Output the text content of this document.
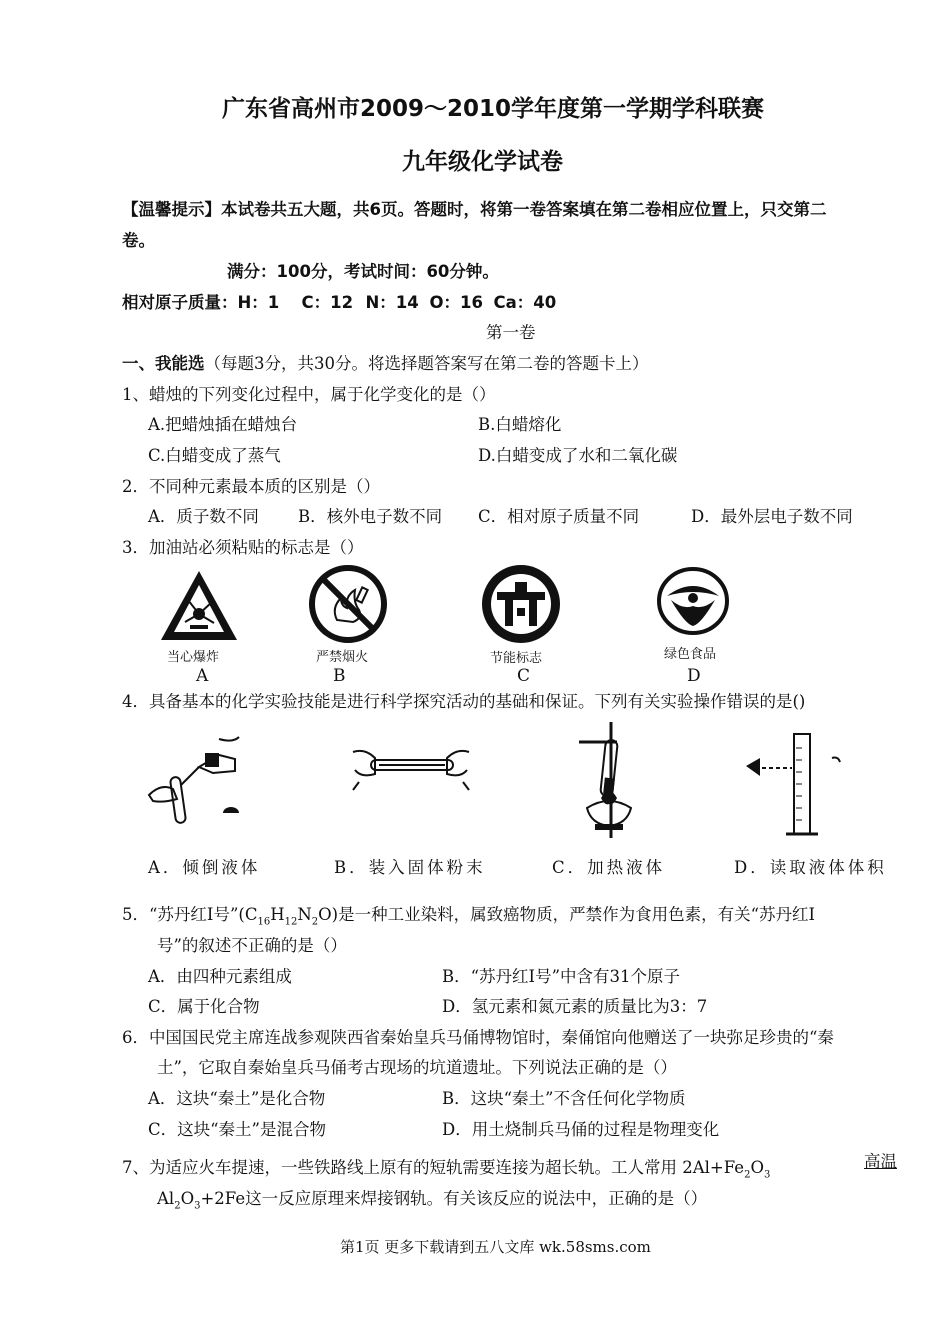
广东省高州市2009～2010学年度第一学期学科联赛
九年级化学试卷
【温馨提示】本试卷共五大题，共6页。答题时，将第一卷答案填在第二卷相应位置上，只交第二
卷。
满分：100分，考试时间：60分钟。
相对原子质量：H：1 C：12 N：14 O：16 Ca：40
第一卷
一、我能选（每题3分，共30分。将选择题答案写在第二卷的答题卡上）
1、蜡烛的下列变化过程中，属于化学变化的是（）
A.把蜡烛插在蜡烛台	B.白蜡熔化
C.白蜡变成了蒸气	D.白蜡变成了水和二氧化碳
2．不同种元素最本质的区别是（）
A．质子数不同 B．核外电子数不同 C．相对原子质量不同	D．最外层电子数不同
3．加油站必须粘贴的标志是（）
当心爆炸
A
严禁烟火
B
节能标志
C
绿色食品
D
4．具备基本的化学实验技能是进行科学探究活动的基础和保证。下列有关实验操作错误的是()
A．倾倒液体	B．装入固体粉末	C．加热液体	D．读取液体体积
5．“苏丹红Ⅰ号$”(C_{16}H_{12}N_2O)$是一种工业染料，属致癌物质，严禁作为食用色素，有关“苏丹红Ⅰ
号”的叙述不正确的是（）
A．由四种元素组成	B．“苏丹红Ⅰ号”中含有31个原子
C．属于化合物	D．氢元素和氮元素的质量比为3：7
6．中国国民党主席连战参观陕西省秦始皇兵马俑博物馆时，秦俑馆向他赠送了一块弥足珍贵的“秦
土”，它取自秦始皇兵马俑考古现场的坑道遗址。下列说法正确的是（）
A．这块“秦土”是化合物	B．这块“秦土”不含任何化学物质
C．这块“秦土”是混合物	D．用土烧制兵马俑的过程是物理变化
7、为适应火车提速，一些铁路线上原有的短轨需要连接为超长轨。工人常用 $2Al+Fe_2O_3$
高温
$Al_2O_3+2Fe$这一反应原理来焊接钢轨。有关该反应的说法中，正确的是（）
第1页 更多下载请到五八文库 wk.58sms.com
